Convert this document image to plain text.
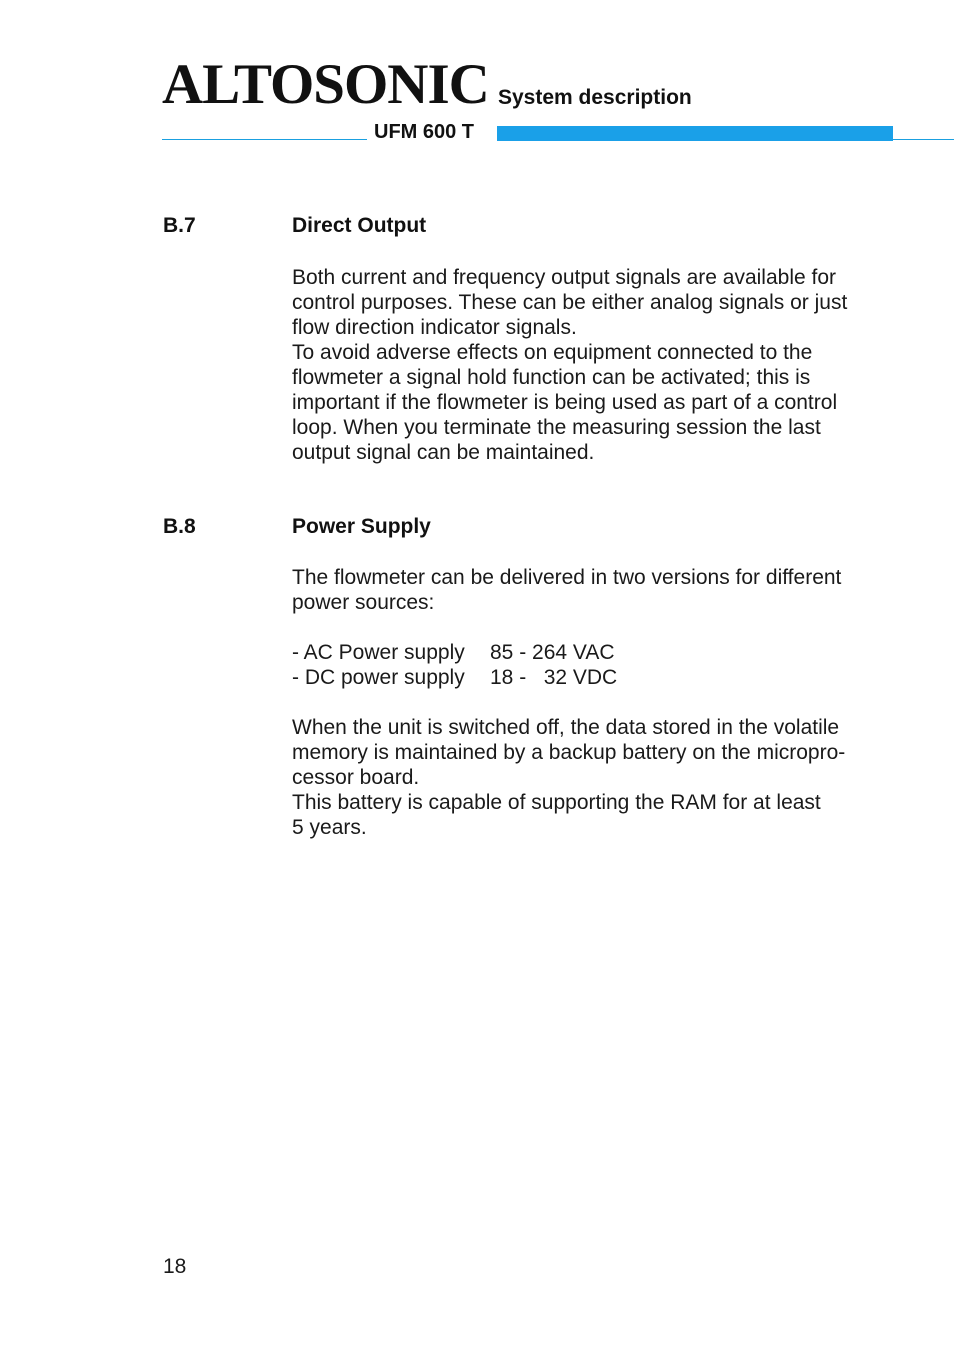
ALTOSONIC System description
UFM 600 T
B.7	Direct Output
Both current and frequency output signals are available for
control purposes. These can be either analog signals or just
flow direction indicator signals.
To avoid adverse effects on equipment connected to the
flowmeter a signal hold function can be activated; this is
important if the flowmeter is being used as part of a control
loop. When you terminate the measuring session the last
output signal can be maintained.
B.8	Power Supply
The flowmeter can be delivered in two versions for different
power sources:
- AC Power supply 85 - 264 VAC
- DC power supply 18 -   32 VDC
When the unit is switched off, the data stored in the volatile
memory is maintained by a backup battery on the micropro-
cessor board.
This battery is capable of supporting the RAM for at least
5 years.
18
